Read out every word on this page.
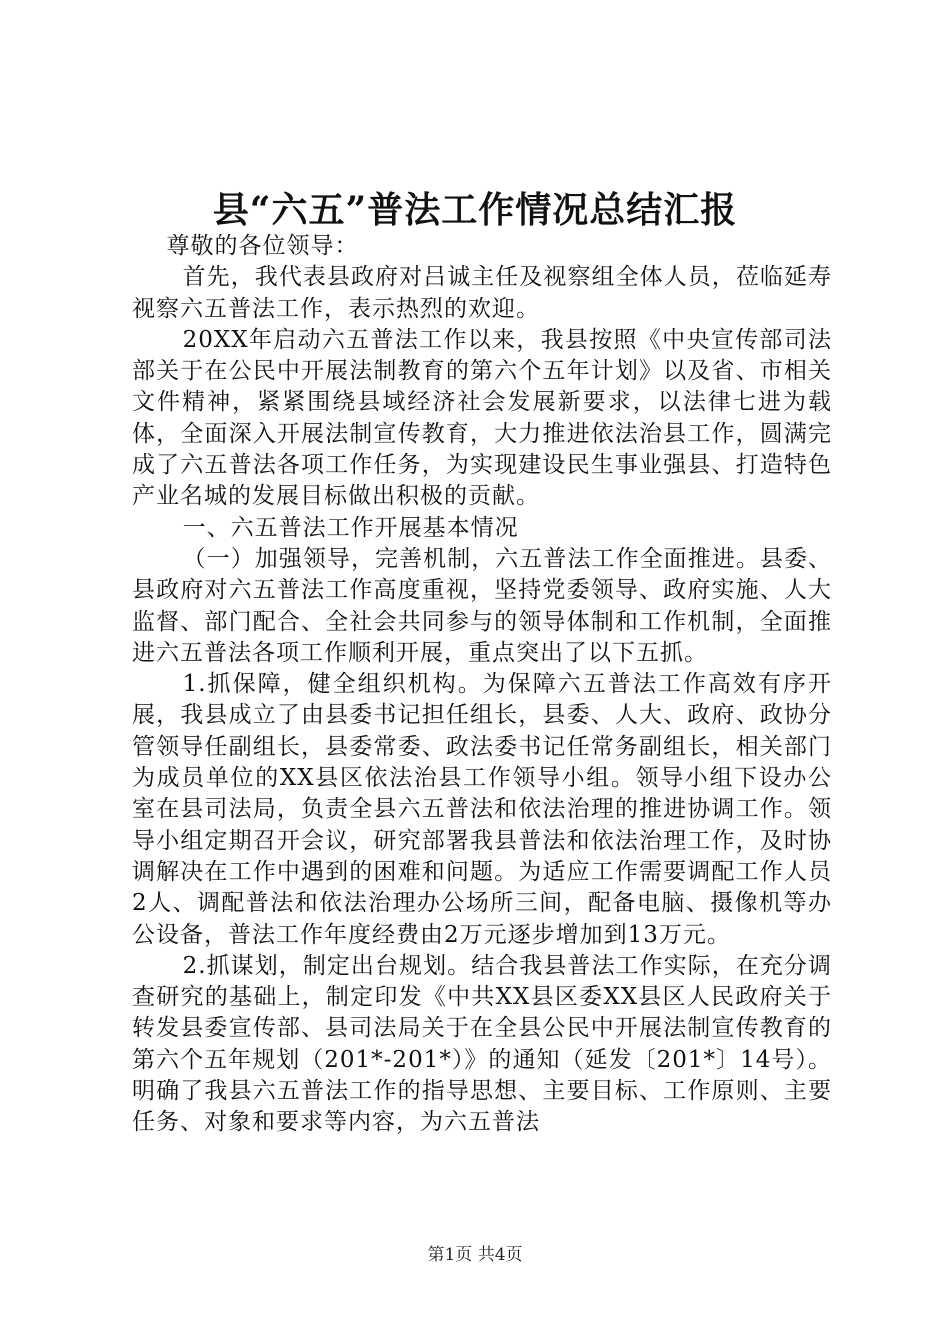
县“六五”普法工作情况总结汇报

尊敬的各位领导：

首先，我代表县政府对吕诚主任及视察组全体人员，莅临延寿视察六五普法工作，表示热烈的欢迎。

20XX年启动六五普法工作以来，我县按照《中央宣传部司法部关于在公民中开展法制教育的第六个五年计划》以及省、市相关文件精神，紧紧围绕县域经济社会发展新要求，以法律七进为载体，全面深入开展法制宣传教育，大力推进依法治县工作，圆满完成了六五普法各项工作任务，为实现建设民生事业强县、打造特色产业名城的发展目标做出积极的贡献。

一、六五普法工作开展基本情况

（一）加强领导，完善机制，六五普法工作全面推进。县委、县政府对六五普法工作高度重视，坚持党委领导、政府实施、人大监督、部门配合、全社会共同参与的领导体制和工作机制，全面推进六五普法各项工作顺利开展，重点突出了以下五抓。

1.抓保障，健全组织机构。为保障六五普法工作高效有序开展，我县成立了由县委书记担任组长，县委、人大、政府、政协分管领导任副组长，县委常委、政法委书记任常务副组长，相关部门为成员单位的XX县区依法治县工作领导小组。领导小组下设办公室在县司法局，负责全县六五普法和依法治理的推进协调工作。领导小组定期召开会议，研究部署我县普法和依法治理工作，及时协调解决在工作中遇到的困难和问题。为适应工作需要调配工作人员2人、调配普法和依法治理办公场所三间，配备电脑、摄像机等办公设备，普法工作年度经费由2万元逐步增加到13万元。

2.抓谋划，制定出台规划。结合我县普法工作实际，在充分调查研究的基础上，制定印发《中共XX县区委XX县区人民政府关于转发县委宣传部、县司法局关于在全县公民中开展法制宣传教育的第六个五年规划（201*-201*）》的通知（延发〔201*〕14号）。明确了我县六五普法工作的指导思想、主要目标、工作原则、主要任务、对象和要求等内容，为六五普法

第1页 共4页
